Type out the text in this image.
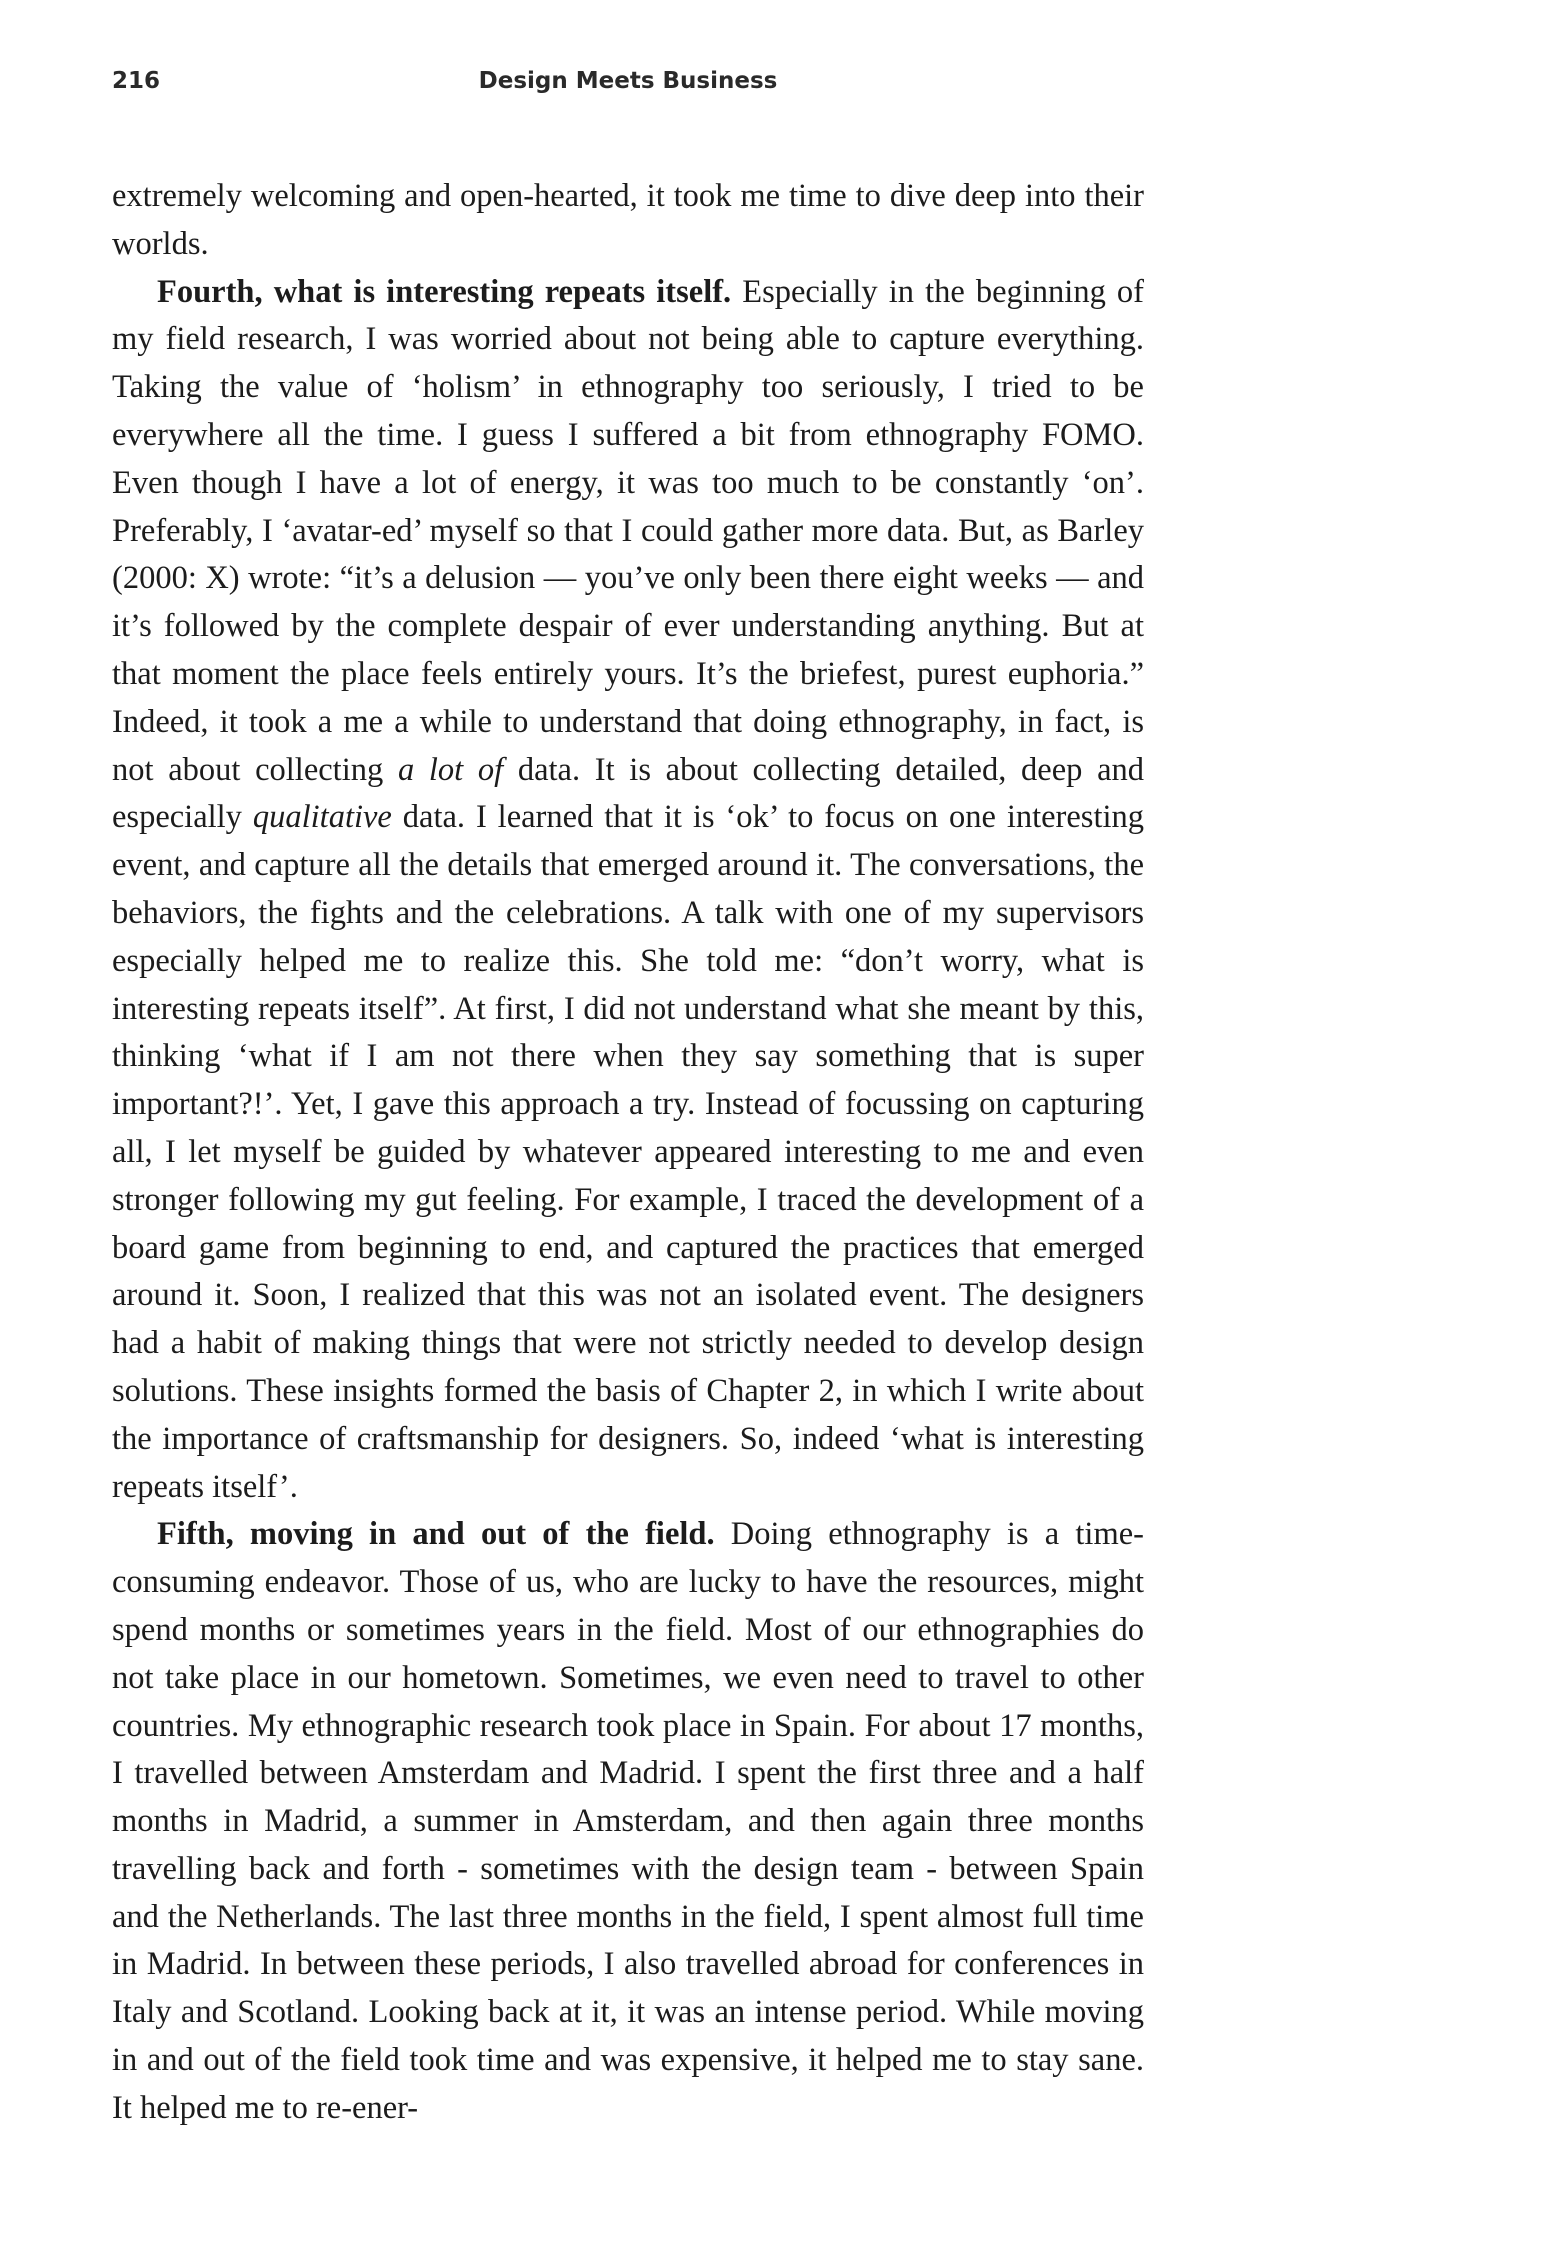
216	Design Meets Business

extremely welcoming and open-hearted, it took me time to dive deep into their worlds.

Fourth, what is interesting repeats itself. Especially in the beginning of my field research, I was worried about not being able to capture everything. Taking the value of ‘holism’ in ethnography too seriously, I tried to be everywhere all the time. I guess I suffered a bit from ethnography FOMO. Even though I have a lot of energy, it was too much to be constantly ‘on’. Preferably, I ‘avatar-ed’ myself so that I could gather more data. But, as Barley (2000: X) wrote: “it’s a delusion — you’ve only been there eight weeks — and it’s followed by the complete despair of ever understanding anything. But at that moment the place feels entirely yours. It’s the briefest, purest euphoria.” Indeed, it took a me a while to understand that doing ethnography, in fact, is not about collecting a lot of data. It is about collecting detailed, deep and especially qualitative data. I learned that it is ‘ok’ to focus on one interesting event, and capture all the details that emerged around it. The conversations, the behaviors, the fights and the celebrations. A talk with one of my supervisors especially helped me to realize this. She told me: “don’t worry, what is interesting repeats itself”. At first, I did not understand what she meant by this, thinking ‘what if I am not there when they say something that is super important?!’. Yet, I gave this approach a try. Instead of focussing on capturing all, I let myself be guided by whatever appeared interesting to me and even stronger following my gut feeling. For example, I traced the development of a board game from beginning to end, and captured the practices that emerged around it. Soon, I realized that this was not an isolated event. The designers had a habit of making things that were not strictly needed to develop design solutions. These insights formed the basis of Chapter 2, in which I write about the importance of craftsmanship for designers. So, indeed ‘what is interesting repeats itself’.

Fifth, moving in and out of the field. Doing ethnography is a time-consuming endeavor. Those of us, who are lucky to have the resources, might spend months or sometimes years in the field. Most of our ethnographies do not take place in our hometown. Sometimes, we even need to travel to other countries. My ethnographic research took place in Spain. For about 17 months, I travelled between Amsterdam and Madrid. I spent the first three and a half months in Madrid, a summer in Amsterdam, and then again three months travelling back and forth - sometimes with the design team - between Spain and the Netherlands. The last three months in the field, I spent almost full time in Madrid. In between these periods, I also travelled abroad for conferences in Italy and Scotland. Looking back at it, it was an intense period. While moving in and out of the field took time and was expensive, it helped me to stay sane. It helped me to re-ener-
